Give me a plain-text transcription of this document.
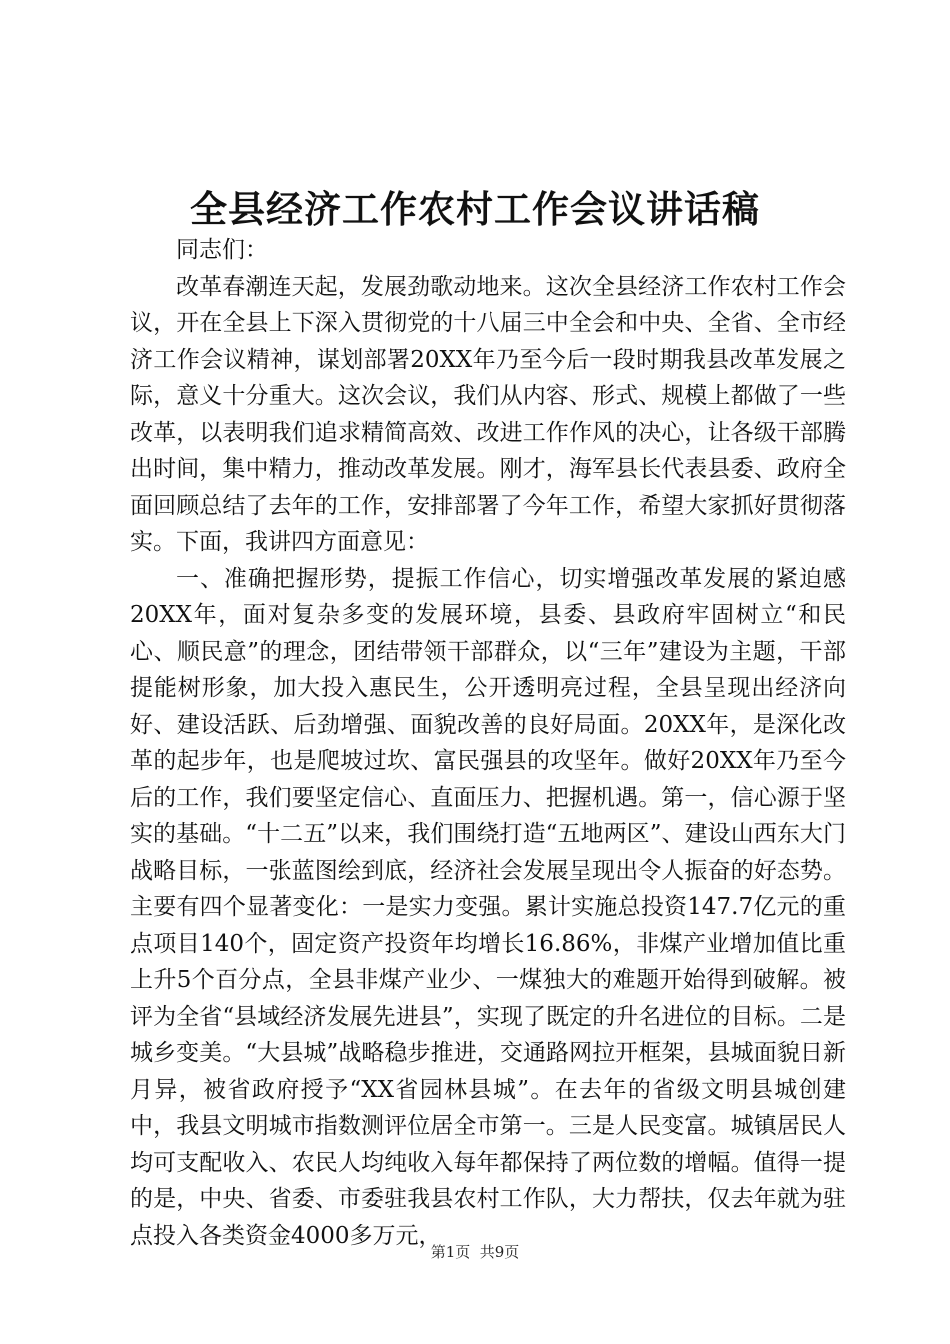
全县经济工作农村工作会议讲话稿

同志们：

改革春潮连天起，发展劲歌动地来。这次全县经济工作农村工作会议，开在全县上下深入贯彻党的十八届三中全会和中央、全省、全市经济工作会议精神，谋划部署20XX年乃至今后一段时期我县改革发展之际，意义十分重大。这次会议，我们从内容、形式、规模上都做了一些改革，以表明我们追求精简高效、改进工作作风的决心，让各级干部腾出时间，集中精力，推动改革发展。刚才，海军县长代表县委、政府全面回顾总结了去年的工作，安排部署了今年工作，希望大家抓好贯彻落实。下面，我讲四方面意见：

一、准确把握形势，提振工作信心，切实增强改革发展的紧迫感20XX年，面对复杂多变的发展环境，县委、县政府牢固树立“和民心、顺民意”的理念，团结带领干部群众，以“三年”建设为主题，干部提能树形象，加大投入惠民生，公开透明亮过程，全县呈现出经济向好、建设活跃、后劲增强、面貌改善的良好局面。20XX年，是深化改革的起步年，也是爬坡过坎、富民强县的攻坚年。做好20XX年乃至今后的工作，我们要坚定信心、直面压力、把握机遇。第一，信心源于坚实的基础。“十二五”以来，我们围绕打造“五地两区”、建设山西东大门战略目标，一张蓝图绘到底，经济社会发展呈现出令人振奋的好态势。主要有四个显著变化：一是实力变强。累计实施总投资147.7亿元的重点项目140个，固定资产投资年均增长16.86%，非煤产业增加值比重上升5个百分点，全县非煤产业少、一煤独大的难题开始得到破解。被评为全省“县域经济发展先进县”，实现了既定的升名进位的目标。二是城乡变美。“大县城”战略稳步推进，交通路网拉开框架，县城面貌日新月异，被省政府授予“XX省园林县城”。在去年的省级文明县城创建中，我县文明城市指数测评位居全市第一。三是人民变富。城镇居民人均可支配收入、农民人均纯收入每年都保持了两位数的增幅。值得一提的是，中央、省委、市委驻我县农村工作队，大力帮扶，仅去年就为驻点投入各类资金4000多万元，

第1页  共9页
